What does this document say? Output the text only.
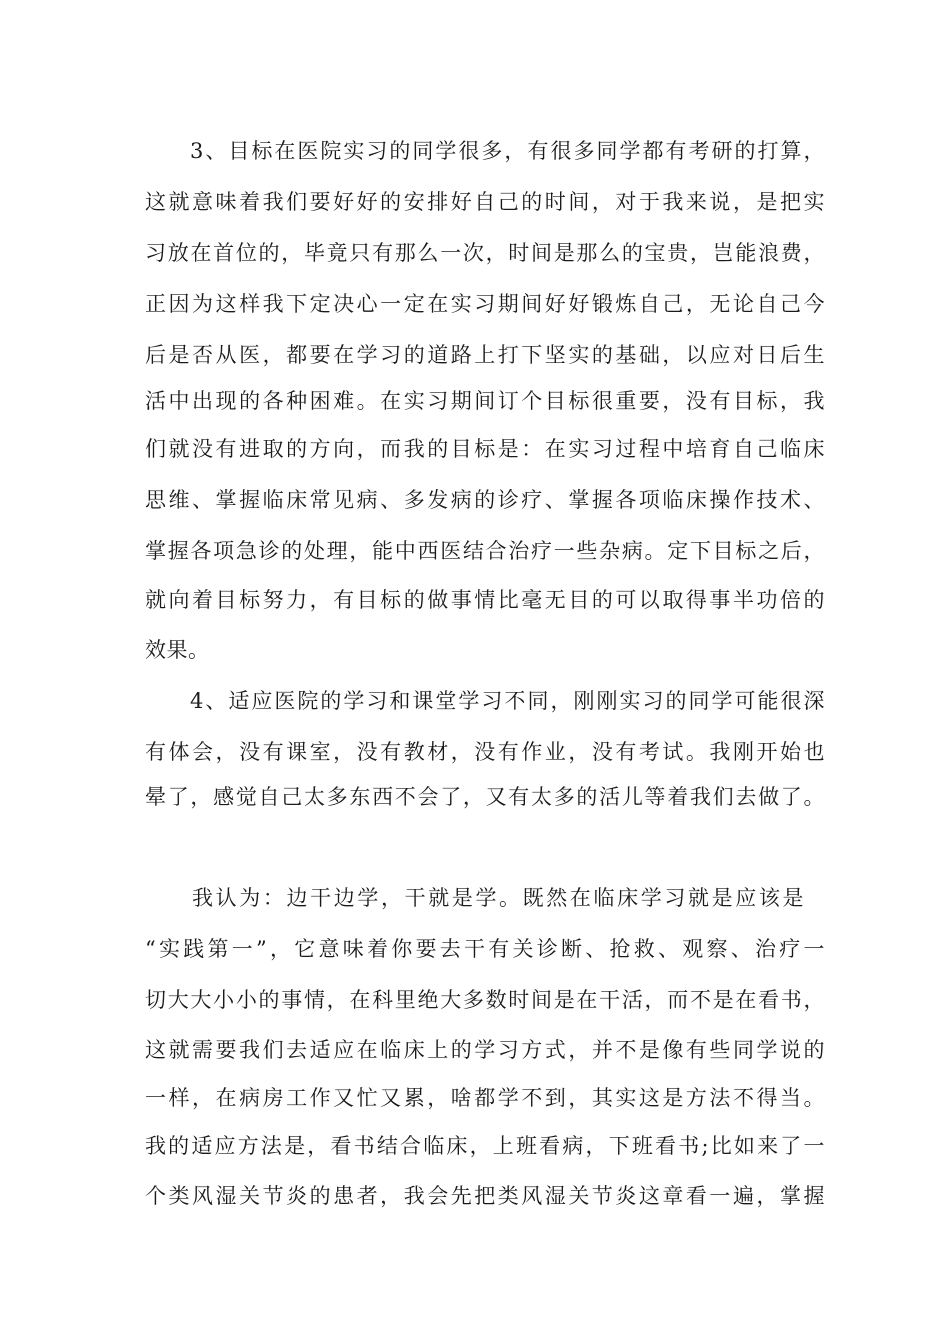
3、目标在医院实习的同学很多，有很多同学都有考研的打算，
这就意味着我们要好好的安排好自己的时间，对于我来说，是把实
习放在首位的，毕竟只有那么一次，时间是那么的宝贵，岂能浪费，
正因为这样我下定决心一定在实习期间好好锻炼自己，无论自己今
后是否从医，都要在学习的道路上打下坚实的基础，以应对日后生
活中出现的各种困难。在实习期间订个目标很重要，没有目标，我
们就没有进取的方向，而我的目标是：在实习过程中培育自己临床
思维、掌握临床常见病、多发病的诊疗、掌握各项临床操作技术、
掌握各项急诊的处理，能中西医结合治疗一些杂病。定下目标之后，
就向着目标努力，有目标的做事情比毫无目的可以取得事半功倍的
效果。
4、适应医院的学习和课堂学习不同，刚刚实习的同学可能很深
有体会，没有课室，没有教材，没有作业，没有考试。我刚开始也
晕了，感觉自己太多东西不会了，又有太多的活儿等着我们去做了。
我认为：边干边学，干就是学。既然在临床学习就是应该是
“实践第一”，它意味着你要去干有关诊断、抢救、观察、治疗一
切大大小小的事情，在科里绝大多数时间是在干活，而不是在看书，
这就需要我们去适应在临床上的学习方式，并不是像有些同学说的
一样，在病房工作又忙又累，啥都学不到，其实这是方法不得当。
我的适应方法是，看书结合临床，上班看病，下班看书;比如来了一
个类风湿关节炎的患者，我会先把类风湿关节炎这章看一遍，掌握
